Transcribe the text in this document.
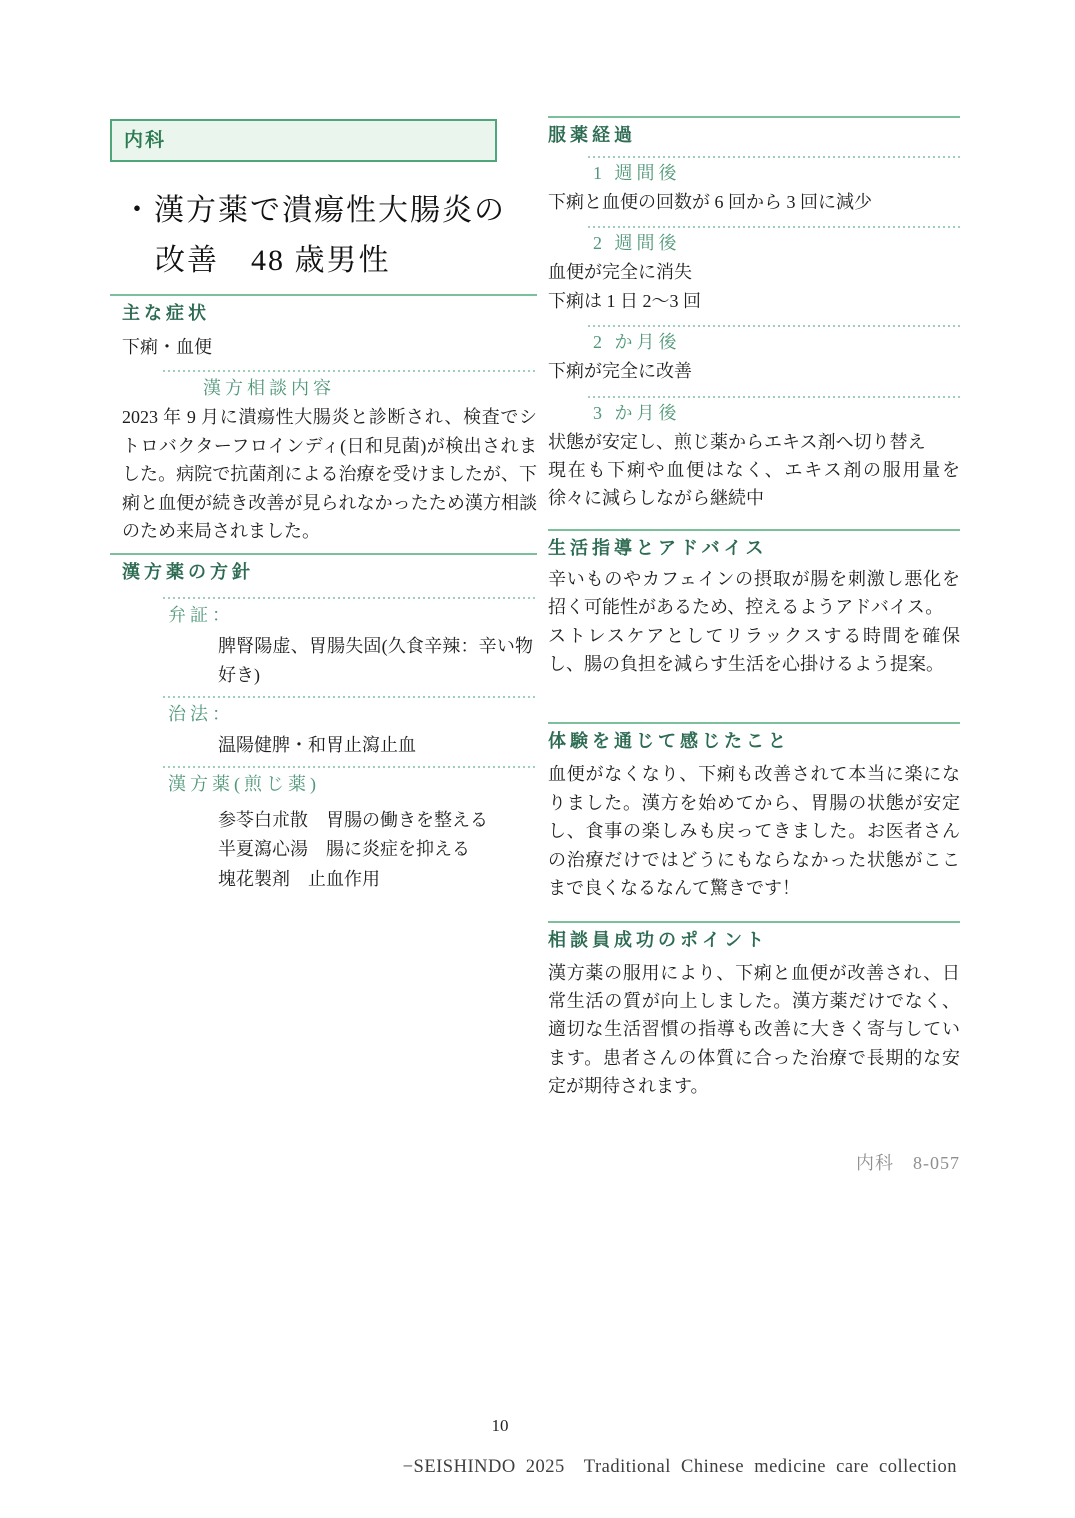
内科
・漢方薬で潰瘍性大腸炎の
改善　48 歳男性
主な症状
下痢・血便
漢方相談内容
2023 年 9 月に潰瘍性大腸炎と診断され、検査でシトロバクターフロインディ(日和見菌)が検出されました。病院で抗菌剤による治療を受けましたが、下痢と血便が続き改善が見られなかったため漢方相談のため来局されました。
漢方薬の方針
弁証：
脾腎陽虚、胃腸失固(久食辛辣：辛い物好き)
治法：
温陽健脾・和胃止瀉止血
漢方薬(煎じ薬)
参苓白朮散　胃腸の働きを整える
半夏瀉心湯　腸に炎症を抑える
塊花製剤　止血作用
服薬経過
1 週間後
下痢と血便の回数が 6 回から 3 回に減少
2 週間後
血便が完全に消失
下痢は 1 日 2〜3 回
2 か月後
下痢が完全に改善
3 か月後
状態が安定し、煎じ薬からエキス剤へ切り替え
現在も下痢や血便はなく、エキス剤の服用量を徐々に減らしながら継続中
生活指導とアドバイス
辛いものやカフェインの摂取が腸を刺激し悪化を招く可能性があるため、控えるようアドバイス。
ストレスケアとしてリラックスする時間を確保し、腸の負担を減らす生活を心掛けるよう提案。
体験を通じて感じたこと
血便がなくなり、下痢も改善されて本当に楽になりました。漢方を始めてから、胃腸の状態が安定し、食事の楽しみも戻ってきました。お医者さんの治療だけではどうにもならなかった状態がここまで良くなるなんて驚きです！
相談員成功のポイント
漢方薬の服用により、下痢と血便が改善され、日常生活の質が向上しました。漢方薬だけでなく、適切な生活習慣の指導も改善に大きく寄与しています。患者さんの体質に合った治療で長期的な安定が期待されます。
内科　8-057
10
−SEISHINDO 2025　Traditional Chinese medicine care collection
